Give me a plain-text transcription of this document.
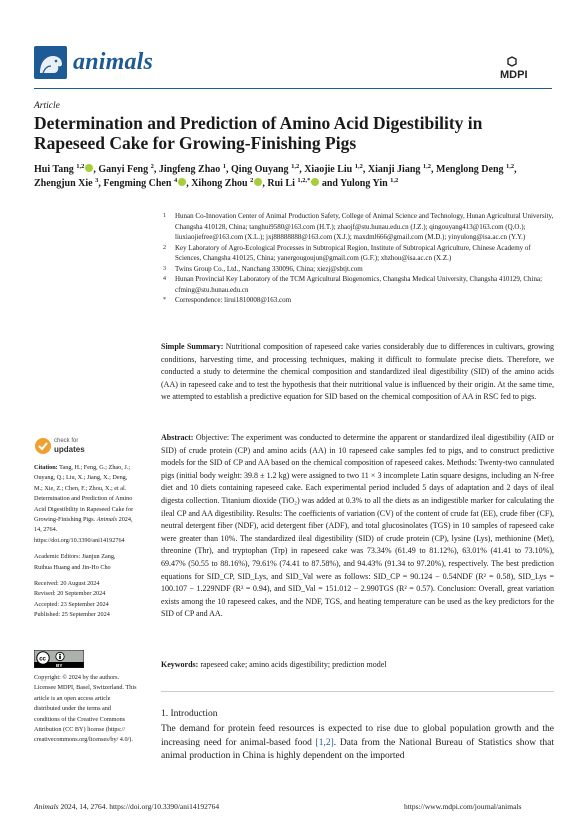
animals	MDPI
Article
Determination and Prediction of Amino Acid Digestibility in Rapeseed Cake for Growing-Finishing Pigs
Hui Tang $^{1,2}$ , Ganyi Feng $^2$, Jingfeng Zhao $^1$, Qing Ouyang $^{1,2}$, Xiaojie Liu $^{1,2}$, Xianji Jiang $^{1,2}$, Menglong Deng $^{1,2}$, Zhengjun Xie $^3$, Fengming Chen $^4$ , Xihong Zhou $^2$ , Rui Li $^{1,2,*}$ and Yulong Yin $^{1,2}$
1 Hunan Co-Innovation Center of Animal Production Safety, College of Animal Science and Technology, Hunan Agricultural University, Changsha 410128, China; tanghui9580@163.com (H.T.); zhaojf@stu.hunau.edu.cn (J.Z.); qingouyang413@163.com (Q.O.); liuxiaojiefree@163.com (X.L.); jxj88888888@163.com (X.J.); maxdml666@gmail.com (M.D.); yinyulong@isa.ac.cn (Y.Y.)
2 Key Laboratory of Agro-Ecological Processes in Subtropical Region, Institute of Subtropical Agriculture, Chinese Academy of Sciences, Changsha 410125, China; yanergougoujun@gmail.com (G.F.); xhzhou@isa.ac.cn (X.Z.)
3 Twins Group Co., Ltd., Nanchang 330096, China; xiezj@sbtjt.com
4 Hunan Provincial Key Laboratory of the TCM Agricultural Biogenomics, Changsha Medical University, Changsha 410129, China; cfming@stu.hunau.edu.cn
* Correspondence: lirui1810008@163.com
Simple Summary: Nutritional composition of rapeseed cake varies considerably due to differences in cultivars, growing conditions, harvesting time, and processing techniques, making it difficult to formulate precise diets. Therefore, we conducted a study to determine the chemical composition and standardized ileal digestibility (SID) of the amino acids (AA) in rapeseed cake and to test the hypothesis that their nutritional value is influenced by their origin. At the same time, we attempted to establish a predictive equation for SID based on the chemical composition of AA in RSC fed to pigs.
Abstract: Objective: The experiment was conducted to determine the apparent or standardized ileal digestibility (AID or SID) of crude protein (CP) and amino acids (AA) in 10 rapeseed cake samples fed to pigs, and to construct predictive models for the SID of CP and AA based on the chemical composition of rapeseed cakes. Methods: Twenty-two cannulated pigs (initial body weight: 39.8 ± 1.2 kg) were assigned to two 11 × 3 incomplete Latin square designs, including an N-free diet and 10 diets containing rapeseed cake. Each experimental period included 5 days of adaptation and 2 days of ileal digesta collection. Titanium dioxide (TiO₂) was added at 0.3% to all the diets as an indigestible marker for calculating the ileal CP and AA digestibility. Results: The coefficients of variation (CV) of the content of crude fat (EE), crude fiber (CF), neutral detergent fiber (NDF), acid detergent fiber (ADF), and total glucosinolates (TGS) in 10 samples of rapeseed cake were greater than 10%. The standardized ileal digestibility (SID) of crude protein (CP), lysine (Lys), methionine (Met), threonine (Thr), and tryptophan (Trp) in rapeseed cake was 73.34% (61.49 to 81.12%), 63.01% (41.41 to 73.10%), 69.47% (50.55 to 88.16%), 79.61% (74.41 to 87.58%), and 94.43% (91.34 to 97.20%), respectively. The best prediction equations for SID_CP, SID_Lys, and SID_Val were as follows: SID_CP = 90.124 − 0.54NDF (R² = 0.58), SID_Lys = 100.107 − 1.229NDF (R² = 0.94), and SID_Val = 151.012 − 2.990TGS (R² = 0.57). Conclusion: Overall, great variation exists among the 10 rapeseed cakes, and the NDF, TGS, and heating temperature can be used as the key predictors for the SID of CP and AA.
Keywords: rapeseed cake; amino acids digestibility; prediction model
1. Introduction
The demand for protein feed resources is expected to rise due to global population growth and the increasing need for animal-based food [1,2]. Data from the National Bureau of Statistics show that animal production in China is highly dependent on the imported
check for
updates
Citation: Tang, H.; Feng, G.; Zhao, J.; Ouyang, Q.; Liu, X.; Jiang, X.; Deng, M.; Xie, Z.; Chen, F.; Zhou, X.; et al. Determination and Prediction of Amino Acid Digestibility in Rapeseed Cake for Growing-Finishing Pigs. Animals 2024, 14, 2764. https://doi.org/10.3390/ani14192764
Academic Editors: Jianjun Zang, Ruihua Huang and Jin-Ho Cho
Received: 20 August 2024
Revised: 20 September 2024
Accepted: 23 September 2024
Published: 25 September 2024
cc
BY
Copyright: © 2024 by the authors. Licensee MDPI, Basel, Switzerland. This article is an open access article distributed under the terms and conditions of the Creative Commons Attribution (CC BY) license (https:// creativecommons.org/licenses/by/ 4.0/).
Animals 2024, 14, 2764. https://doi.org/10.3390/ani14192764	https://www.mdpi.com/journal/animals
